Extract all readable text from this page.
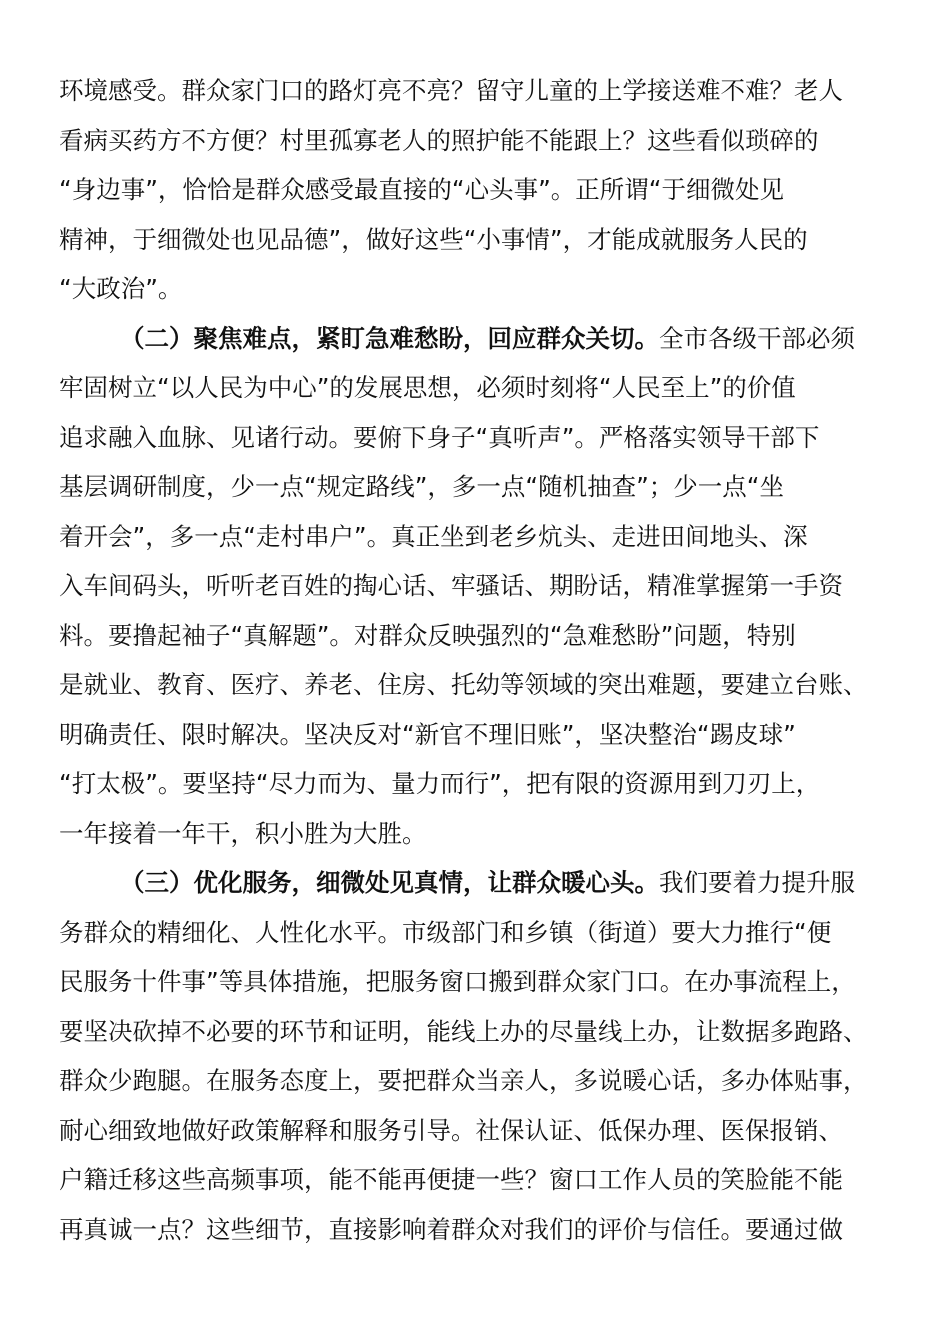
环境感受。群众家门口的路灯亮不亮？留守儿童的上学接送难不难？老人
看病买药方不方便？村里孤寡老人的照护能不能跟上？这些看似琐碎的
“身边事”，恰恰是群众感受最直接的“心头事”。正所谓“于细微处见
精神，于细微处也见品德”，做好这些“小事情”，才能成就服务人民的
“大政治”。
（二）聚焦难点，紧盯急难愁盼，回应群众关切。全市各级干部必须
牢固树立“以人民为中心”的发展思想，必须时刻将“人民至上”的价值
追求融入血脉、见诸行动。要俯下身子“真听声”。严格落实领导干部下
基层调研制度，少一点“规定路线”，多一点“随机抽查”；少一点“坐
着开会”，多一点“走村串户”。真正坐到老乡炕头、走进田间地头、深
入车间码头，听听老百姓的掏心话、牢骚话、期盼话，精准掌握第一手资
料。要撸起袖子“真解题”。对群众反映强烈的“急难愁盼”问题，特别
是就业、教育、医疗、养老、住房、托幼等领域的突出难题，要建立台账、
明确责任、限时解决。坚决反对“新官不理旧账”，坚决整治“踢皮球”
“打太极”。要坚持“尽力而为、量力而行”，把有限的资源用到刀刃上，
一年接着一年干，积小胜为大胜。
（三）优化服务，细微处见真情，让群众暖心头。我们要着力提升服
务群众的精细化、人性化水平。市级部门和乡镇（街道）要大力推行“便
民服务十件事”等具体措施，把服务窗口搬到群众家门口。在办事流程上，
要坚决砍掉不必要的环节和证明，能线上办的尽量线上办，让数据多跑路、
群众少跑腿。在服务态度上，要把群众当亲人，多说暖心话，多办体贴事，
耐心细致地做好政策解释和服务引导。社保认证、低保办理、医保报销、
户籍迁移这些高频事项，能不能再便捷一些？窗口工作人员的笑脸能不能
再真诚一点？这些细节，直接影响着群众对我们的评价与信任。要通过做
